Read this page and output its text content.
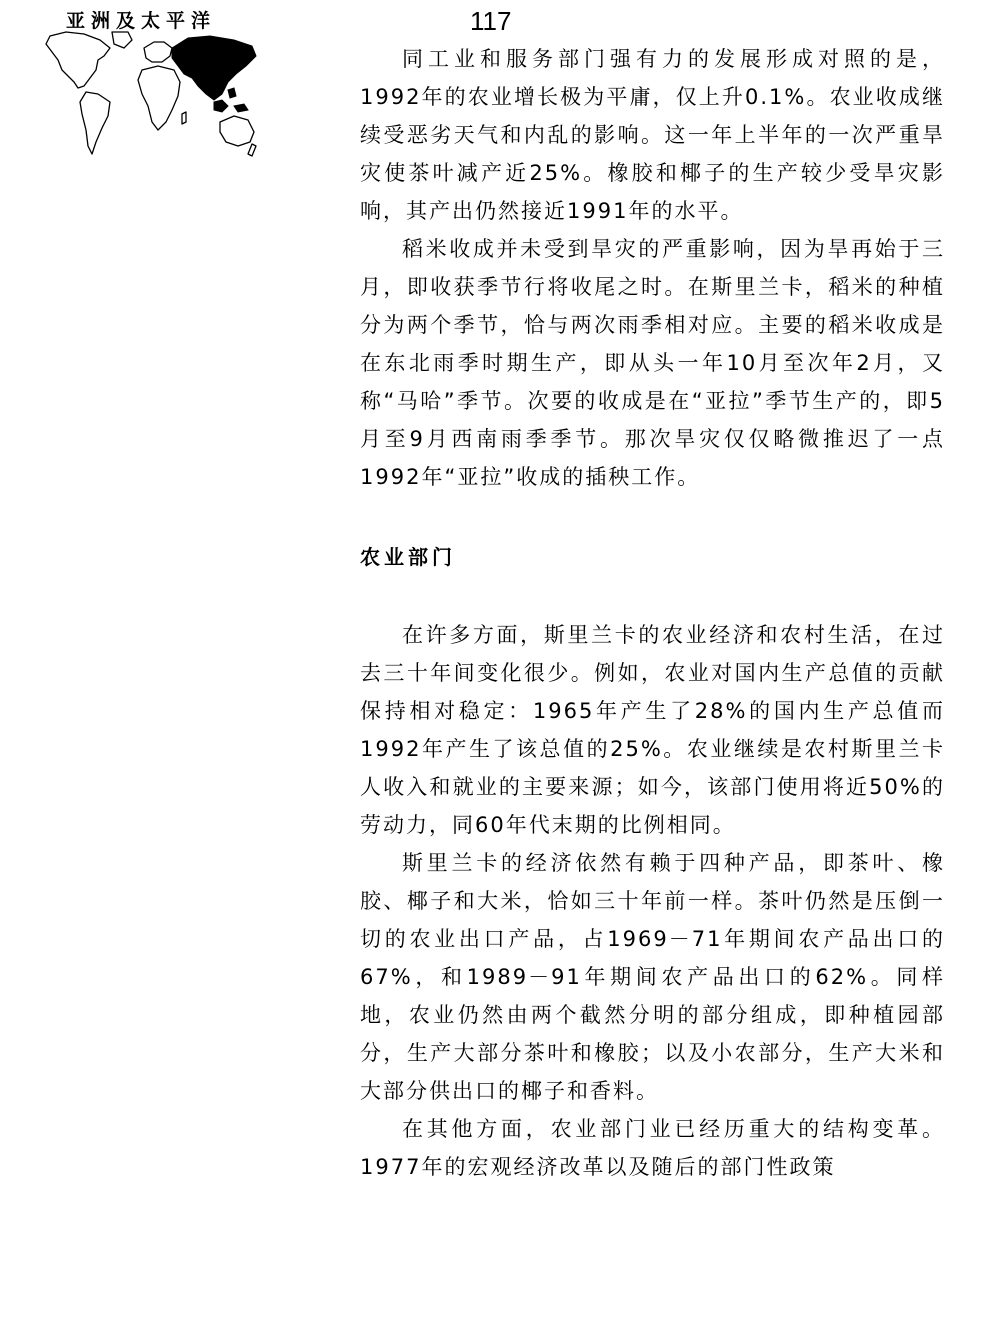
亚洲及太平洋	117

同工业和服务部门强有力的发展形成对照的是，1992年的农业增长极为平庸，仅上升0.1%。农业收成继续受恶劣天气和内乱的影响。这一年上半年的一次严重旱灾使茶叶减产近25%。橡胶和椰子的生产较少受旱灾影响，其产出仍然接近1991年的水平。

稻米收成并未受到旱灾的严重影响，因为旱再始于三月，即收获季节行将收尾之时。在斯里兰卡，稻米的种植分为两个季节，恰与两次雨季相对应。主要的稻米收成是在东北雨季时期生产，即从头一年10月至次年2月，又称“马哈”季节。次要的收成是在“亚拉”季节生产的，即5月至9月西南雨季季节。那次旱灾仅仅略微推迟了一点1992年“亚拉”收成的插秧工作。

农业部门

在许多方面，斯里兰卡的农业经济和农村生活，在过去三十年间变化很少。例如，农业对国内生产总值的贡献保持相对稳定：1965年产生了28%的国内生产总值而1992年产生了该总值的25%。农业继续是农村斯里兰卡人收入和就业的主要来源；如今，该部门使用将近50%的劳动力，同60年代末期的比例相同。

斯里兰卡的经济依然有赖于四种产品，即茶叶、橡胶、椰子和大米，恰如三十年前一样。茶叶仍然是压倒一切的农业出口产品，占1969－71年期间农产品出口的67%，和1989－91年期间农产品出口的62%。同样地，农业仍然由两个截然分明的部分组成，即种植园部分，生产大部分茶叶和橡胶；以及小农部分，生产大米和大部分供出口的椰子和香料。

在其他方面，农业部门业已经历重大的结构变革。1977年的宏观经济改革以及随后的部门性政策
